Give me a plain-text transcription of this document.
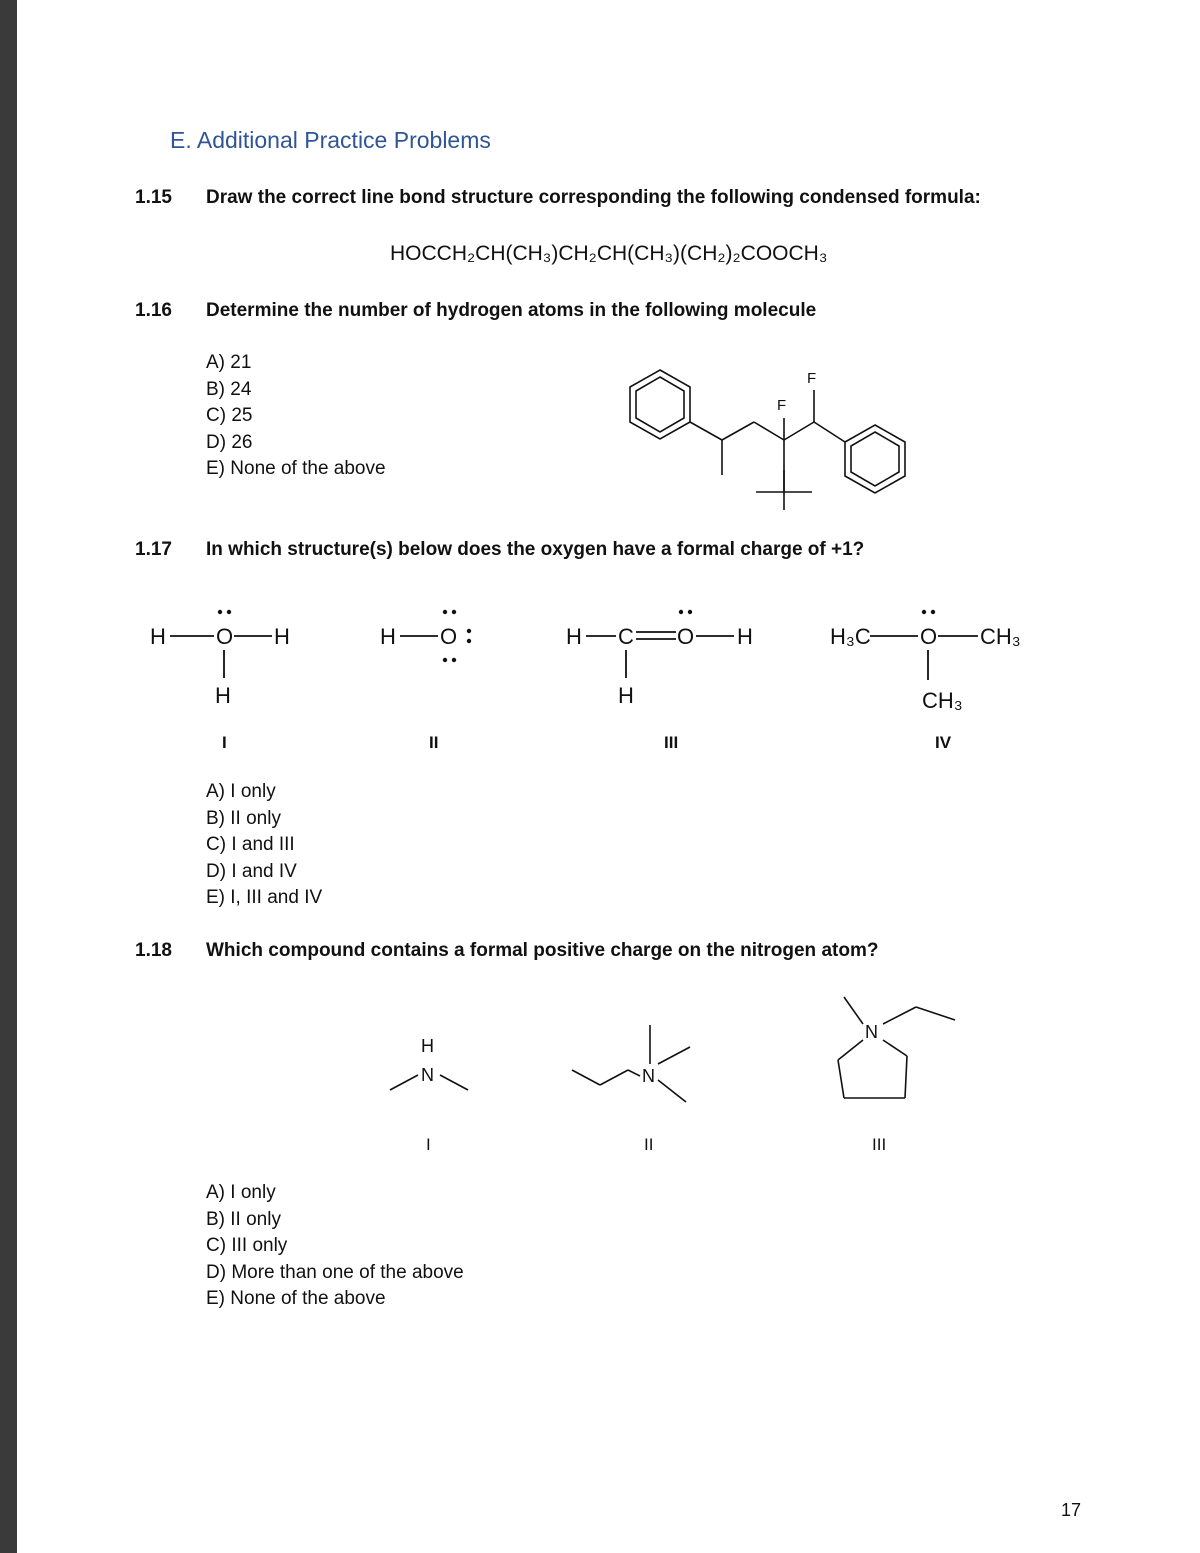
E. Additional Practice Problems
1.15 Draw the correct line bond structure corresponding the following condensed formula:
HOCCH₂CH(CH₃)CH₂CH(CH₃)(CH₂)₂COOCH₃
1.16 Determine the number of hydrogen atoms in the following molecule
A) 21
B) 24
C) 25
D) 26
E) None of the above
F
F
1.17 In which structure(s) below does the oxygen have a formal charge of +1?
H O H
H
H O	H C O H
H
H₃C O CH₃
CH₃
I	II	III	IV
A) I only
B) II only
C) I and III
D) I and IV
E) I, III and IV
1.18 Which compound contains a formal positive charge on the nitrogen atom?
H
N	N
N
I	II	III
A) I only
B) II only
C) III only
D) More than one of the above
E) None of the above
17
